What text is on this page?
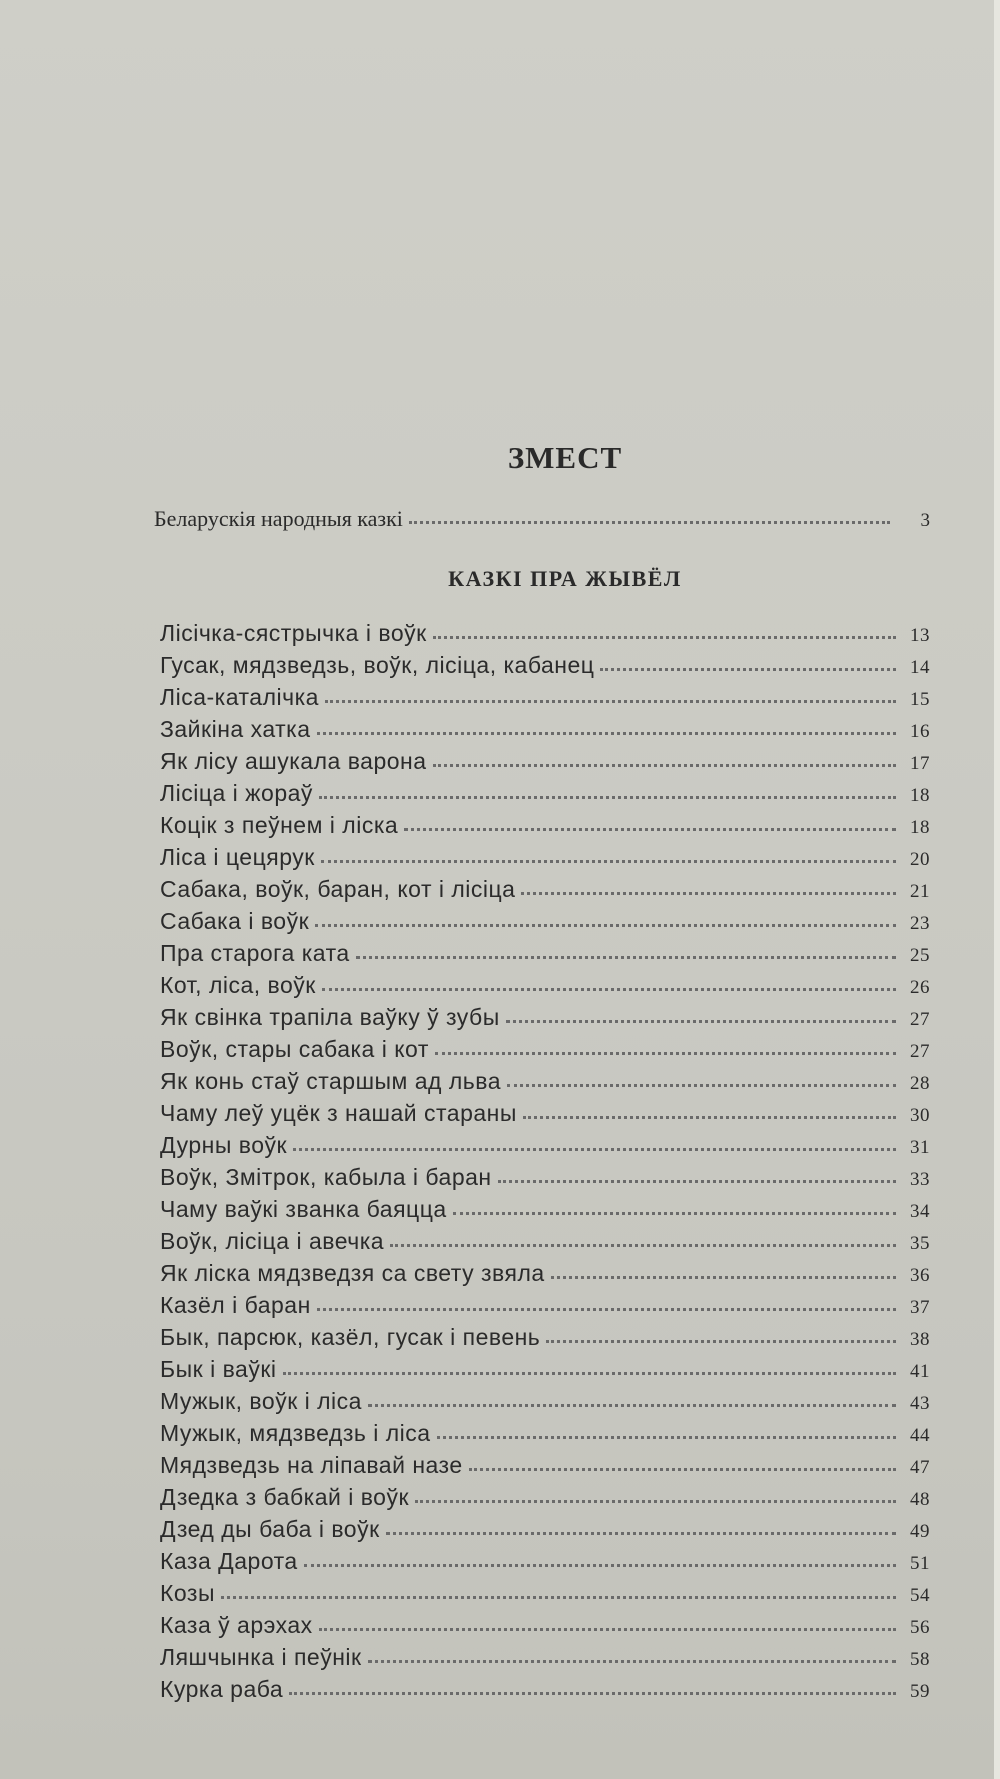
ЗМЕСТ
Беларускія народныя казкі	3
КАЗКІ ПРА ЖЫВЁЛ
Лісічка-сястрычка і воўк	13
Гусак, мядзведзь, воўк, лісіца, кабанец	14
Ліса-каталічка	15
Зайкіна хатка	16
Як лісу ашукала варона	17
Лісіца і жораў	18
Коцік з пеўнем і ліска	18
Ліса і цецярук	20
Сабака, воўк, баран, кот і лісіца	21
Сабака і воўк	23
Пра старога ката	25
Кот, ліса, воўк	26
Як свінка трапіла ваўку ў зубы	27
Воўк, стары сабака і кот	27
Як конь стаў старшым ад льва	28
Чаму леў уцёк з нашай стараны	30
Дурны воўк	31
Воўк, Змітрок, кабыла і баран	33
Чаму ваўкі званка баяцца	34
Воўк, лісіца і авечка	35
Як ліска мядзведзя са свету звяла	36
Казёл і баран	37
Бык, парсюк, казёл, гусак і певень	38
Бык і ваўкі	41
Мужык, воўк і ліса	43
Мужык, мядзведзь і ліса	44
Мядзведзь на ліпавай назе	47
Дзедка з бабкай і воўк	48
Дзед ды баба і воўк	49
Каза Дарота	51
Козы	54
Каза ў арэхах	56
Ляшчынка і пеўнік	58
Курка раба	59
